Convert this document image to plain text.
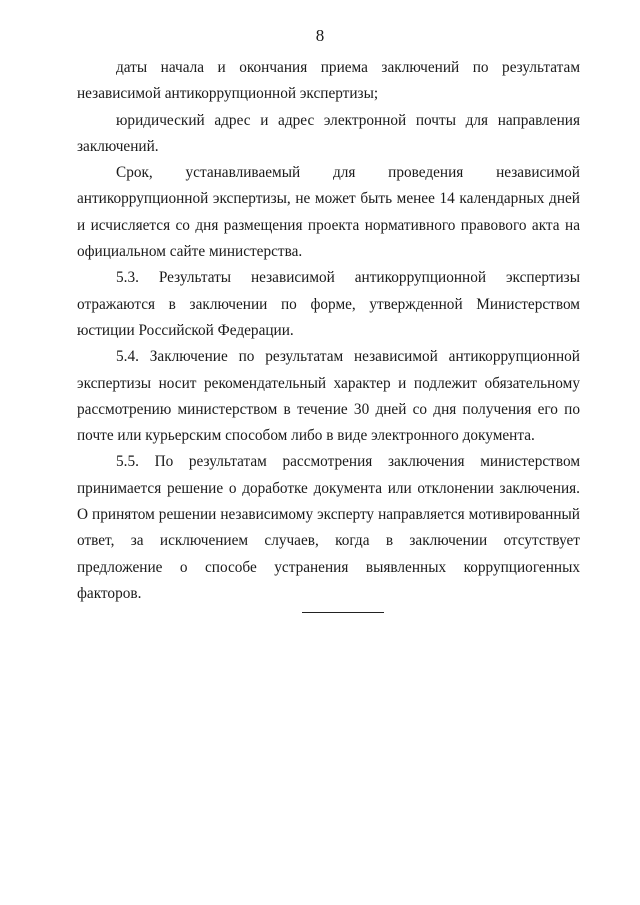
8

даты начала и окончания приема заключений по результатам независимой антикоррупционной экспертизы;

юридический адрес и адрес электронной почты для направления заключений.

Срок, устанавливаемый для проведения независимой антикоррупционной экспертизы, не может быть менее 14 календарных дней и исчисляется со дня размещения проекта нормативного правового акта на официальном сайте министерства.

5.3. Результаты независимой антикоррупционной экспертизы отражаются в заключении по форме, утвержденной Министерством юстиции Российской Федерации.

5.4. Заключение по результатам независимой антикоррупционной экспертизы носит рекомендательный характер и подлежит обязательному рассмотрению министерством в течение 30 дней со дня получения его по почте или курьерским способом либо в виде электронного документа.

5.5. По результатам рассмотрения заключения министерством принимается решение о доработке документа или отклонении заключения. О принятом решении независимому эксперту направляется мотивированный ответ, за исключением случаев, когда в заключении отсутствует предложение о способе устранения выявленных коррупциогенных факторов.
